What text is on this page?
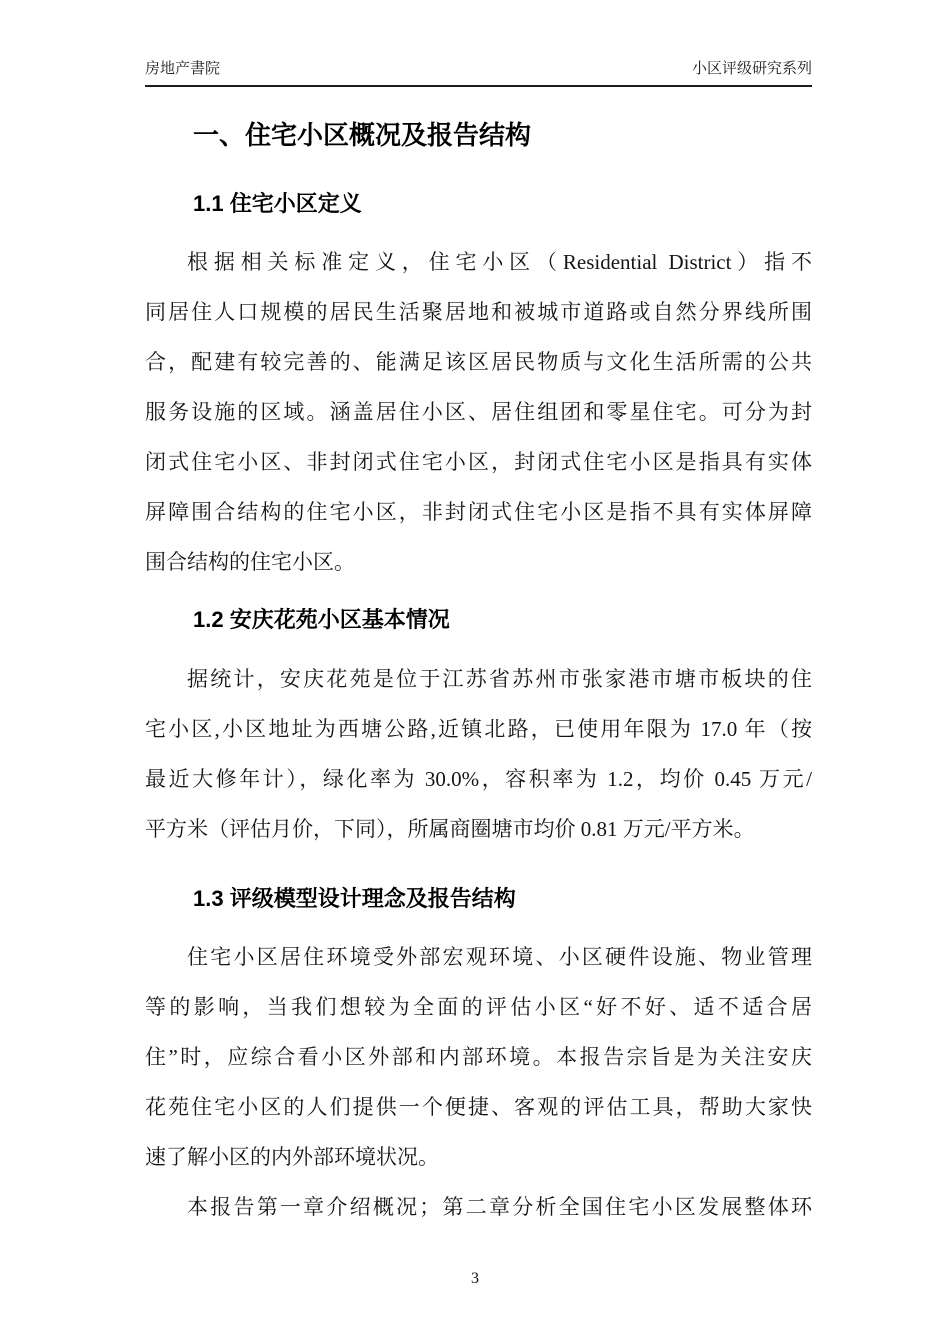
房地产書院	小区评级研究系列
一、住宅小区概况及报告结构
1.1 住宅小区定义
根据相关标准定义，住宅小区（Residential District）指不
同居住人口规模的居民生活聚居地和被城市道路或自然分界线所围
合，配建有较完善的、能满足该区居民物质与文化生活所需的公共
服务设施的区域。涵盖居住小区、居住组团和零星住宅。可分为封
闭式住宅小区、非封闭式住宅小区，封闭式住宅小区是指具有实体
屏障围合结构的住宅小区，非封闭式住宅小区是指不具有实体屏障
围合结构的住宅小区。
1.2 安庆花苑小区基本情况
据统计，安庆花苑是位于江苏省苏州市张家港市塘市板块的住
宅小区,小区地址为西塘公路,近镇北路，已使用年限为 17.0 年（按
最近大修年计），绿化率为 30.0%，容积率为 1.2，均价 0.45 万元/
平方米（评估月价，下同），所属商圈塘市均价 0.81 万元/平方米。
1.3 评级模型设计理念及报告结构
住宅小区居住环境受外部宏观环境、小区硬件设施、物业管理
等的影响，当我们想较为全面的评估小区“好不好、适不适合居
住”时，应综合看小区外部和内部环境。本报告宗旨是为关注安庆
花苑住宅小区的人们提供一个便捷、客观的评估工具，帮助大家快
速了解小区的内外部环境状况。
本报告第一章介绍概况；第二章分析全国住宅小区发展整体环
3
